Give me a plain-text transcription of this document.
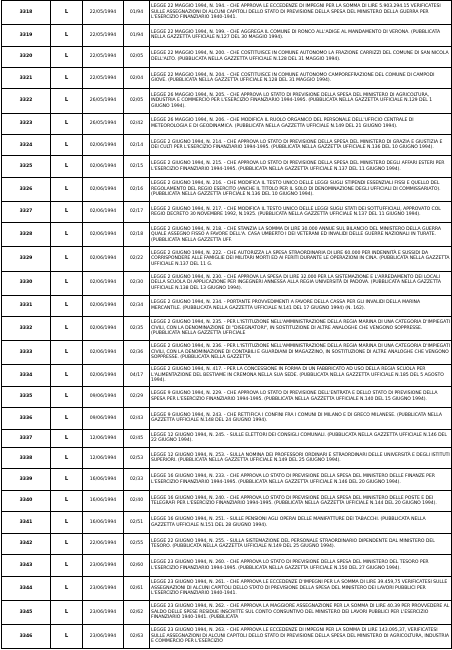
3318	L	22/05/1994	01/94	LEGGE 22 MAGGIO 1994, N. 194. - CHE APPROVA LE ECCEDENZE DI IMPEGNI PER LA SOMMA DI LIRE 5.903.294.15 VERIFICATESI SULLE ASSEGNAZIONI DI ALCUNI CAPITOLI DELLO STATO DI PREVISIONE DELLA SPESA DEL MINISTERO DELLA GUERRA PER L'ESERCIZIO FINANZIARIO 1940-1941.
3319	L	22/05/1994	01/94	LEGGE 22 MAGGIO 1994, N. 199. - CHE AGGREGA IL COMUNE DI RONCO ALL'ADIGE AL MANDAMENTO DI VERONA. (PUBBLICATA NELLA GAZZETTA UFFICIALE N.127 DEL 30 MAGGIO 1994).
3320	L	22/05/1994	02/05	LEGGE 22 MAGGIO 1994, N. 200. - CHE COSTITUISCE IN COMUNE AUTONOMO LA FRAZIONE CARRIZZI DEL COMUNE DI SAN NICOLA DELL'ALTO. (PUBBLICATA NELLA GAZZETTA UFFICIALE N.128 DEL 31 MAGGIO 1994).
3321	L	22/05/1994	02/04	LEGGE 22 MAGGIO 1994, N. 204. - CHE COSTITUISCE IN COMUNE AUTONOMO CAMPOREFRAZIONE DEL COMUNE DI CAMPODI GIOVE. (PUBBLICATA NELLA GAZZETTA UFFICIALE N.128 DEL 31 MAGGIO 1994).
3322	L	26/05/1994	02/05	LEGGE 26 MAGGIO 1994, N. 205. - CHE APPROVA LO STATO DI PREVISIONE DELLA SPESA DEL MINISTERO DI AGRICOLTURA, INDUSTRIA E COMMERCIO PER L'ESERCIZIO FINANZIARIO 1994-1995. (PUBBLICATA NELLA GAZZETTA UFFICIALE N.129 DEL 1 GIUGNO 1994).
3323	L	26/05/1994	02/42	LEGGE 26 MAGGIO 1994, N. 206. - CHE MODIFICA IL RUOLO ORGANICO DEL PERSONALE DELL'UFFICIO CENTRALE DI METEOROLOGIA E DI GEODINAMICA. (PUBBLICATA NELLA GAZZETTA UFFICIALE N.149 DEL 21 GIUGNO 1994).
3324	L	02/06/1994	02/14	LEGGE 2 GIUGNO 1994, N. 214. - CHE APPROVA LO STATO DI PREVISIONE DELLA SPESA DEL MINISTERO DI GRAZIA E GIUSTIZIA E DEI CULTI PER L'ESERCIZIO FINANZIARIO 1994-1995. (PUBBLICATA NELLA GAZZETTA UFFICIALE N.136 DEL 10 GIUGNO 1994).
3325	L	02/06/1994	02/15	LEGGE 2 GIUGNO 1994, N. 215. - CHE APPROVA LO STATO DI PREVISIONE DELLA SPESA DEL MINISTERO DEGLI AFFARI ESTERI PER L'ESERCIZIO FINANZIARIO 1994-1995. (PUBBLICATA NELLA GAZZETTA UFFICIALE N.137 DEL 11 GIUGNO 1994).
3326	L	02/06/1994	02/16	LEGGE 2 GIUGNO 1994, N. 216. - CHE MODIFICA IL TESTO UNICO DELLE LEGGI SUGLI STIPENDI ESSENZIALI FISSI E QUELLO DEL REGOLAMENTO DEL REGIO ESERCITO (ANCHE IL TITOLO PER IL SOLO DI DENOMINAZIONE DEGLI UFFICIALI DI COMMISSARIATO). (PUBBLICATA NELLA GAZZETTA UFFICIALE N.136 DEL 10 GIUGNO 1994).
3327	L	02/06/1994	02/17	LEGGE 2 GIUGNO 1994, N. 217. - CHE MODIFICA IL TESTO UNICO DELLE LEGGI SUGLI STATI DEI SOTTUFFICIALI, APPROVATO COL REGIO DECRETO 30 NOVEMBRE 1992, N.1925. (PUBBLICATA NELLA GAZZETTA UFFICIALE N.137 DEL 11 GIUGNO 1994).
3328	L	02/06/1994	02/18	LEGGE 2 GIUGNO 1994, N. 218. - CHE STANZIA LA SOMMA DI LIRE 30.000 ANNUE SUL BILANCIO DEL MINISTERO DELLA GUERRA QUALE ASSEGNO FISSO A FAVORE DELL'A. CASA UMBERTO I DEI VETERANI ED INVALIDI DELLE GUERRE NAZIONALI IN TURATE. (PUBBLICATA NELLA GAZZETTA UFF.
3329	L	02/06/1994	02/22	LEGGE 2 GIUGNO 1994, N. 222. - CHE AUTORIZZA LA SPESA STRAORDINARIA DI LIRE 60.000 PER INDENNITÀ E SUSSIDI DA CORRISPONDERE ALLE FAMIGLIE DEI MILITARI MORTI ED AI FERITI DURANTE LE OPERAZIONI IN CINA. (PUBBLICATA NELLA GAZZETTA UFFICIALE N.137 DEL 11 G.
3330	L	02/06/1994	02/30	LEGGE 2 GIUGNO 1994, N. 230. - CHE APPROVA LA SPESA DI LIRE 32.000 PER LA SISTEMAZIONE E L'ARREDAMENTO DEI LOCALI DELLA SCUOLA DI APPLICAZIONE PER INGEGNERI ANNESSA ALLA REGIA UNIVERSITÀ DI PADOVA. (PUBBLICATA NELLA GAZZETTA UFFICIALE N.138 DEL 13 GIUGNO 1994).
3331	L	02/06/1994	02/34	LEGGE 2 GIUGNO 1994, N. 234. - PORTANTE PROVVEDIMENTI A FAVORE DELLA CASSA PER GLI INVALIDI DELLA MARINA MERCANTILE. (PUBBLICATA NELLA GAZZETTA UFFICIALE N.141 DEL 17 GIUGNO 1994) (N. 162).
3332	L	02/06/1994	02/35	LEGGE 2 GIUGNO 1994, N. 235. - PER L'ISTITUZIONE NELL'AMMINISTRAZIONE DELLA REGIA MARINA DI UNA CATEGORIA D'IMPIEGATI CIVILI, CON LA DENOMINAZIONE DI "DISEGNATORI", IN SOSTITUZIONE DI ALTRE ANALOGHE CHE VENGONO SOPPRESSE. (PUBBLICATA NELLA GAZZETTA UFFICIALE
3333	L	02/06/1994	02/36	LEGGE 2 GIUGNO 1994, N. 236. - PER L'ISTITUZIONE NELL'AMMINISTRAZIONE DELLA REGIA MARINA DI UNA CATEGORIA D'IMPIEGATI CIVILI, CON LA DENOMINAZIONE DI CONTABILI E GUARDIANI DI MAGAZZINO, IN SOSTITUZIONE DI ALTRE ANALOGHE CHE VENGONO SOPPRESSE. (PUBBLICATA NELLA GAZZETTA
3334	L	02/06/1994	04/17	LEGGE 2 GIUGNO 1994, N. 417. - PER LA CONCESSIONE IN FORMA DI UN FABBRICATO AD USO DELLA REGIA SCUOLA PER L'ALIMENTAZIONE DEL BESTIAME IN CREMONA NELLA SUA SEDE. (PUBBLICATA NELLA GAZZETTA UFFICIALE N.185 DEL 5 AGOSTO 1994).
3335	L	09/06/1994	02/29	LEGGE 9 GIUGNO 1994, N. 229. - CHE APPROVA LO STATO DI PREVISIONE DELL'ENTRATA E DELLO STATO DI PREVISIONE DELLA SPESA PER L'ESERCIZIO FINANZIARIO 1994-1995. (PUBBLICATA NELLA GAZZETTA UFFICIALE N.140 DEL 15 GIUGNO 1994).
3336	L	09/06/1994	02/43	LEGGE 9 GIUGNO 1994, N. 243. - CHE RETTIFICA I CONFINI FRA I COMUNI DI MILANO E DI GRECO MILANESE. (PUBBLICATA NELLA GAZZETTA UFFICIALE N.148 DEL 24 GIUGNO 1994).
3337	L	12/06/1994	02/45	LEGGE 12 GIUGNO 1994, N. 245. - SULLE ELETTORI DEI CONSIGLI COMUNALI. (PUBBLICATA NELLA GAZZETTA UFFICIALE N.146 DEL 22 GIUGNO 1994).
3338	L	12/06/1994	02/53	LEGGE 12 GIUGNO 1994, N. 253. - SULLA NOMINA DEI PROFESSORI ORDINARI E STRAORDINARI DELLE UNIVERSITÀ E DEGLI ISTITUTI SUPERIORI. (PUBBLICATA NELLA GAZZETTA UFFICIALE N.149 DEL 25 GIUGNO 1994).
3339	L	16/06/1994	02/33	LEGGE 16 GIUGNO 1994, N. 233. - CHE APPROVA LO STATO DI PREVISIONE DELLA SPESA DEL MINISTERO DELLE FINANZE PER L'ESERCIZIO FINANZIARIO 1994-1995. (PUBBLICATA NELLA GAZZETTA UFFICIALE N.146 DEL 20 GIUGNO 1994).
3340	L	16/06/1994	02/40	LEGGE 16 GIUGNO 1994, N. 240. - CHE APPROVA LO STATO DI PREVISIONE DELLA SPESA DEL MINISTERO DELLE POSTE E DEI TELEGRAFI PER L'ESERCIZIO FINANZIARIO 1994-1995. (PUBBLICATA NELLA GAZZETTA UFFICIALE N.144 DEL 20 GIUGNO 1994).
3341	L	16/06/1994	02/51	LEGGE 16 GIUGNO 1994, N. 251. - SULLE PENSIONI AGLI OPERAI DELLE MANIFATTURE DEI TABACCHI. (PUBBLICATA NELLA GAZZETTA UFFICIALE N.151 DEL 28 GIUGNO 1994).
3342	L	22/06/1994	02/55	LEGGE 22 GIUGNO 1994, N. 255. - SULLA SISTEMAZIONE DEL PERSONALE STRAORDINARIO DIPENDENTE DAL MINISTERO DEL TESORO. (PUBBLICATA NELLA GAZZETTA UFFICIALE N.149 DEL 25 GIUGNO 1994).
3343	L	23/06/1994	02/60	LEGGE 23 GIUGNO 1994, N. 260. - CHE APPROVA LO STATO DI PREVISIONE DELLA SPESA DEL MINISTERO DEL TESORO PER L'ESERCIZIO FINANZIARIO 1994-1995. (PUBBLICATA NELLA GAZZETTA UFFICIALE N.150 DEL 27 GIUGNO 1994).
3344	L	23/06/1994	02/61	LEGGE 23 GIUGNO 1994, N. 261. - CHE APPROVA LE ECCEDENZE D'IMPEGNI PER LA SOMMA DI LIRE 39.459,75 VERIFICATESI SULLE ASSEGNAZIONI DI ALCUNI CAPITOLI DELLO STATO DI PREVISIONE DELLA SPESA DEL MINISTERO DEI LAVORI PUBBLICI PER L'ESERCIZIO FINANZIARIO 1940-1941.
3345	L	23/06/1994	02/62	LEGGE 23 GIUGNO 1994, N. 262. - CHE APPROVA LA MAGGIORE ASSEGNAZIONE PER LA SOMMA DI LIRE 40.39 PER PROVVEDERE AL SALDO DELLE SPESE RESIDUE INSCRITTE SUL CONTO CONSUNTIVO DEL MINISTERO DEI LAVORI PUBBLICI PER L'ESERCIZIO FINANZIARIO 1940-1941. (PUBBLICATA
3346	L	23/06/1994	02/63	LEGGE 23 GIUGNO 1994, N. 263. - CHE APPROVA LE ECCEDENZE DI IMPEGNI PER LA SOMMA DI LIRE 143.095,37, VERIFICATESI SULLE ASSEGNAZIONI DI ALCUNI CAPITOLI DELLO STATO DI PREVISIONE DELLA SPESA DEL MINISTERO DI AGRICOLTURA, INDUSTRIA E COMMERCIO PER L'ESERCIZIO
